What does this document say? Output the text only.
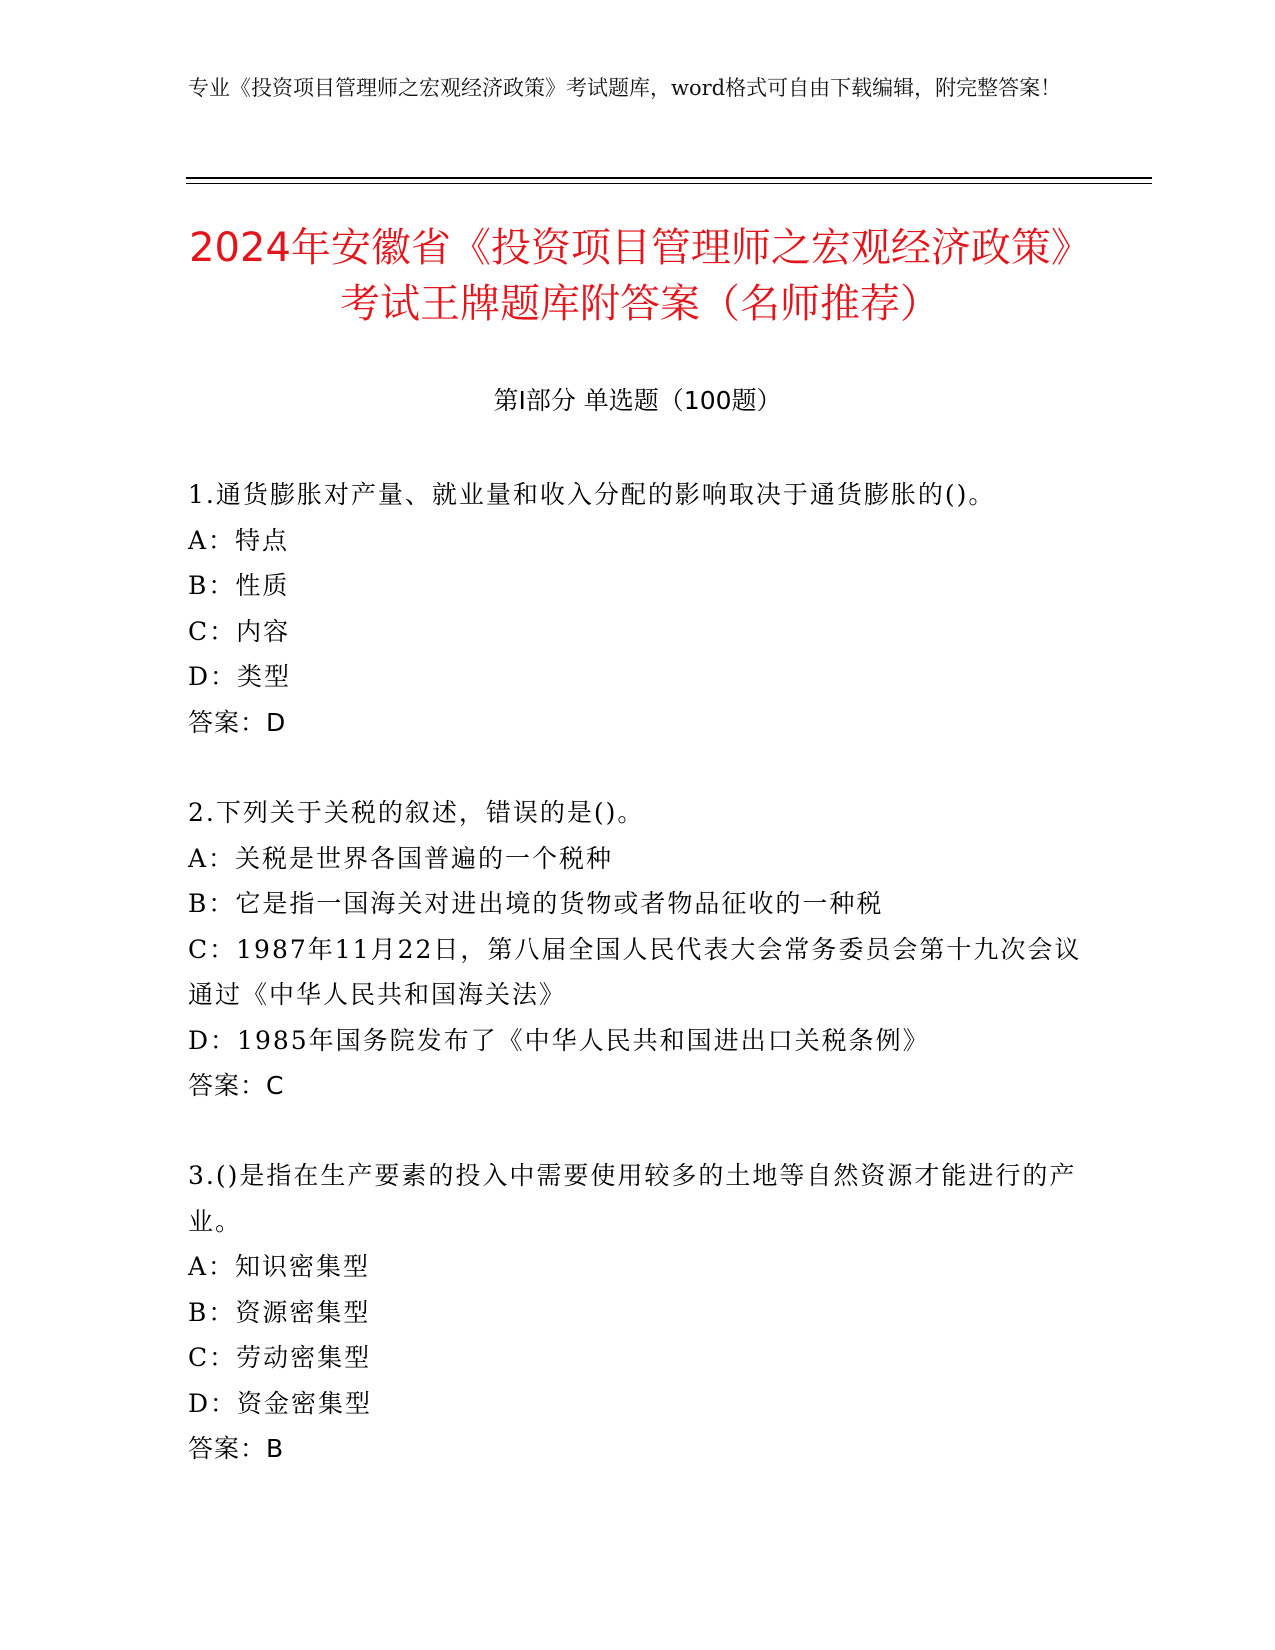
专业《投资项目管理师之宏观经济政策》考试题库，word格式可自由下载编辑，附完整答案！
2024年安徽省《投资项目管理师之宏观经济政策》考试王牌题库附答案（名师推荐）
第I部分 单选题（100题）

1.通货膨胀对产量、就业量和收入分配的影响取决于通货膨胀的()。

A：特点

B：性质

C：内容

D：类型

答案：D

2.下列关于关税的叙述，错误的是()。

A：关税是世界各国普遍的一个税种

B：它是指一国海关对进出境的货物或者物品征收的一种税

C：1987年11月22日，第八届全国人民代表大会常务委员会第十九次会议通过《中华人民共和国海关法》

D：1985年国务院发布了《中华人民共和国进出口关税条例》

答案：C

3.()是指在生产要素的投入中需要使用较多的土地等自然资源才能进行的产业。

A：知识密集型

B：资源密集型

C：劳动密集型

D：资金密集型

答案：B
